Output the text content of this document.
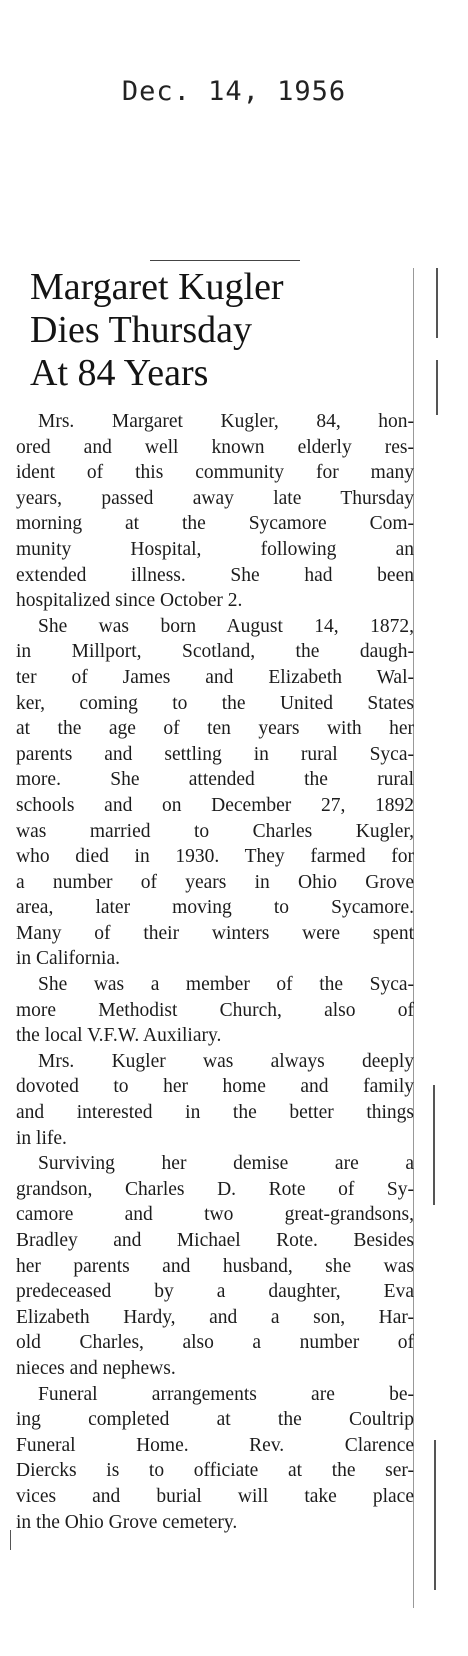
Dec. 14, 1956
Margaret Kugler
Dies Thursday
At 84 Years

Mrs. Margaret Kugler, 84, hon-
ored and well known elderly res-
ident of this community for many
years, passed away late Thursday
morning at the Sycamore Com-
munity Hospital, following an
extended illness. She had been
hospitalized since October 2.

She was born August 14, 1872,
in Millport, Scotland, the daugh-
ter of James and Elizabeth Wal-
ker, coming to the United States
at the age of ten years with her
parents and settling in rural Syca-
more. She attended the rural
schools and on December 27, 1892
was married to Charles Kugler,
who died in 1930. They farmed for
a number of years in Ohio Grove
area, later moving to Sycamore.
Many of their winters were spent
in California.

She was a member of the Syca-
more Methodist Church, also of
the local V.F.W. Auxiliary.

Mrs. Kugler was always deeply
dovoted to her home and family
and interested in the better things
in life.

Surviving her demise are a
grandson, Charles D. Rote of Sy-
camore and two great-grandsons,
Bradley and Michael Rote. Besides
her parents and husband, she was
predeceased by a daughter, Eva
Elizabeth Hardy, and a son, Har-
old Charles, also a number of
nieces and nephews.

Funeral arrangements are be-
ing completed at the Coultrip
Funeral Home. Rev. Clarence
Diercks is to officiate at the ser-
vices and burial will take place
in the Ohio Grove cemetery.
